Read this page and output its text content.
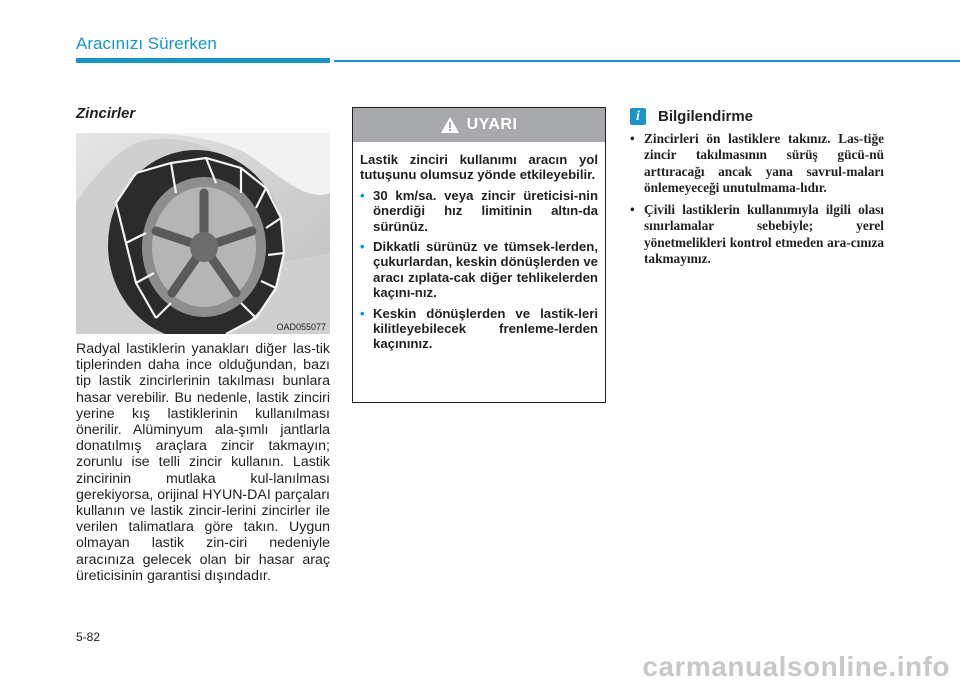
Aracınızı Sürerken
Zincirler
OAD055077

Radyal lastiklerin yanakları diğer las-tik tiplerinden daha ince olduğundan, bazı tip lastik zincirlerinin takılması bunlara hasar verebilir. Bu nedenle, lastik zinciri yerine kış lastiklerinin kullanılması önerilir. Alüminyum ala-şımlı jantlarla donatılmış araçlara zincir takmayın; zorunlu ise telli zincir kullanın. Lastik zincirinin mutlaka kul-lanılması gerekiyorsa, orijinal HYUN-DAI parçaları kullanın ve lastik zincir-lerini zincirler ile verilen talimatlara göre takın. Uygun olmayan lastik zin-ciri nedeniyle aracınıza gelecek olan bir hasar araç üreticisinin garantisi dışındadır.

UYARI

Lastik zinciri kullanımı aracın yol tutuşunu olumsuz yönde etkileyebilir.

• 30 km/sa. veya zincir üreticisi-nin önerdiği hız limitinin altın-da sürünüz.
• Dikkatli sürünüz ve tümsek-lerden, çukurlardan, keskin dönüşlerden ve aracı zıplata-cak diğer tehlikelerden kaçını-nız.
• Keskin dönüşlerden ve lastik-leri kilitleyebilecek frenleme-lerden kaçınınız.
i	Bilgilendirme
• Zincirleri ön lastiklere takınız. Las-tiğe zincir takılmasının sürüş gücü-nü arttıracağı ancak yana savrul-maları önlemeyeceği unutulmama-lıdır.
• Çivili lastiklerin kullanımıyla ilgili olası sınırlamalar sebebiyle; yerel yönetmelikleri kontrol etmeden ara-cınıza takmayınız.
5-82
carmanualsonline.info
